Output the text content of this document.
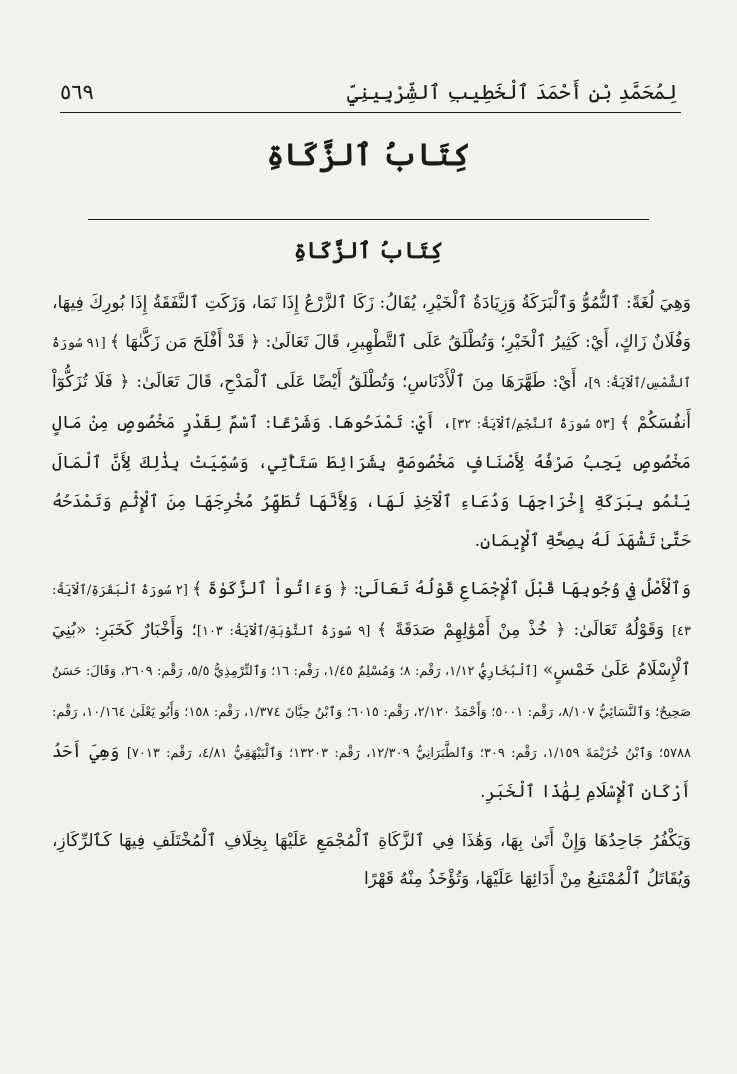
لِمُحَمَّدِ بْنِ أَحْمَدَ ٱلْخَطِيبِ ٱلشِّرْبِينِيِّ
٥٦٩
كِتَابُ ٱلزَّكَاةِ
كِتَابُ ٱلزَّكَاةِ

وَهِيَ لُغَةً: ٱلنُّمُوُّ وَٱلْبَرَكَةُ وَزِيَادَةُ ٱلْخَيْرِ، يُقَالُ: زَكَا ٱلزَّرْعُ إِذَا نَمَا، وَزَكَتِ ٱلنَّفَقَةُ إِذَا بُورِكَ فِيهَا، وَفُلَانٌ زَاكٍ، أَيْ: كَثِيرُ ٱلْخَيْرِ؛ وَتُطْلَقُ عَلَى ٱلتَّطْهِيرِ، قَالَ تَعَالَىٰ: ﴿ قَدْ أَفْلَحَ مَن زَكَّىٰهَا ﴾ [٩١ سُورَةُ ٱلشَّمْسِ/ٱلْآيَةُ: ٩]، أَيْ: طَهَّرَهَا مِنَ ٱلْأَدْنَاسِ؛ وَتُطْلَقُ أَيْضًا عَلَى ٱلْمَدْحِ، قَالَ تَعَالَىٰ: ﴿ فَلَا تُزَكُّوٓاْ أَنفُسَكُمْ ﴾ [٥٣ سُورَةُ ٱلنَّجْمِ/ٱلْآيَةُ: ٣٢]، أَيْ: تَمْدَحُوهَا. وَشَرْعًا: ٱسْمٌ لِقَدْرٍ مَخْصُوصٍ مِنْ مَالٍ مَخْصُوصٍ يَجِبُ صَرْفُهُ لِأَصْنَافٍ مَخْصُوصَةٍ بِشَرَائِطَ سَتَأْتِي، وَسُمِّيَتْ بِذَٰلِكَ لِأَنَّ ٱلْمَالَ يَنْمُو بِبَرَكَةِ إِخْرَاجِهَا وَدُعَاءِ ٱلْآخِذِ لَهَا، وَلِأَنَّهَا تُطَهِّرُ مُخْرِجَهَا مِنَ ٱلْإِثْمِ وَتَمْدَحُهُ حَتَّىٰ تَشْهَدَ لَهُ بِصِحَّةِ ٱلْإِيمَانِ.

وَٱلْأَصْلُ فِي وُجُوبِهَا قَبْلَ ٱلْإِجْمَاعِ قَوْلُهُ تَعَالَىٰ: ﴿ وَءَاتُواْ ٱلزَّكَوٰةَ ﴾ [٢ سُورَةُ ٱلْبَقَرَةِ/ٱلْآيَةُ: ٤٣] وَقَوْلُهُ تَعَالَىٰ: ﴿ خُذْ مِنْ أَمْوَٰلِهِمْ صَدَقَةً ﴾ [٩ سُورَةُ ٱلتَّوْبَةِ/ٱلْآيَةُ: ١٠٣]؛ وَأَخْبَارٌ كَخَبَرِ: «بُنِيَ ٱلْإِسْلَامُ عَلَىٰ خَمْسٍ» [ٱلْبُخَارِيُّ ١/١٢، رَقْم: ٨؛ وَمُسْلِمٌ ١/٤٥، رَقْم: ١٦؛ وَٱلتِّرْمِذِيُّ ٥/٥، رَقْم: ٢٦٠٩، وَقَالَ: حَسَنٌ صَحِيحٌ؛ وَٱلنَّسَائِيُّ ٨/١٠٧، رَقْم: ٥٠٠١؛ وَأَحْمَدُ ٢/١٢٠، رَقْم: ٦٠١٥؛ وَٱبْنُ حِبَّانَ ١/٣٧٤، رَقْم: ١٥٨؛ وَأَبُو يَعْلَىٰ ١٠/١٦٤، رَقْم: ٥٧٨٨؛ وَٱبْنُ خُزَيْمَةَ ١/١٥٩، رَقْم: ٣٠٩؛ وَٱلطَّبَرَانِيُّ ١٢/٣٠٩، رَقْم: ١٣٢٠٣؛ وَٱلْبَيْهَقِيُّ ٤/٨١، رَقْم: ٧٠١٣] وَهِيَ أَحَدُ أَرْكَانِ ٱلْإِسْلَامِ لِهَٰذَا ٱلْخَبَرِ.

وَيَكْفُرُ جَاحِدُهَا وَإِنْ أَتَىٰ بِهَا، وَهَٰذَا فِي ٱلزَّكَاةِ ٱلْمُجْمَعِ عَلَيْهَا بِخِلَافِ ٱلْمُخْتَلَفِ فِيهَا كَٱلرِّكَازِ، وَيُقَاتَلُ ٱلْمُمْتَنِعُ مِنْ أَدَائِهَا عَلَيْهَا، وَتُؤْخَذُ مِنْهُ قَهْرًا
